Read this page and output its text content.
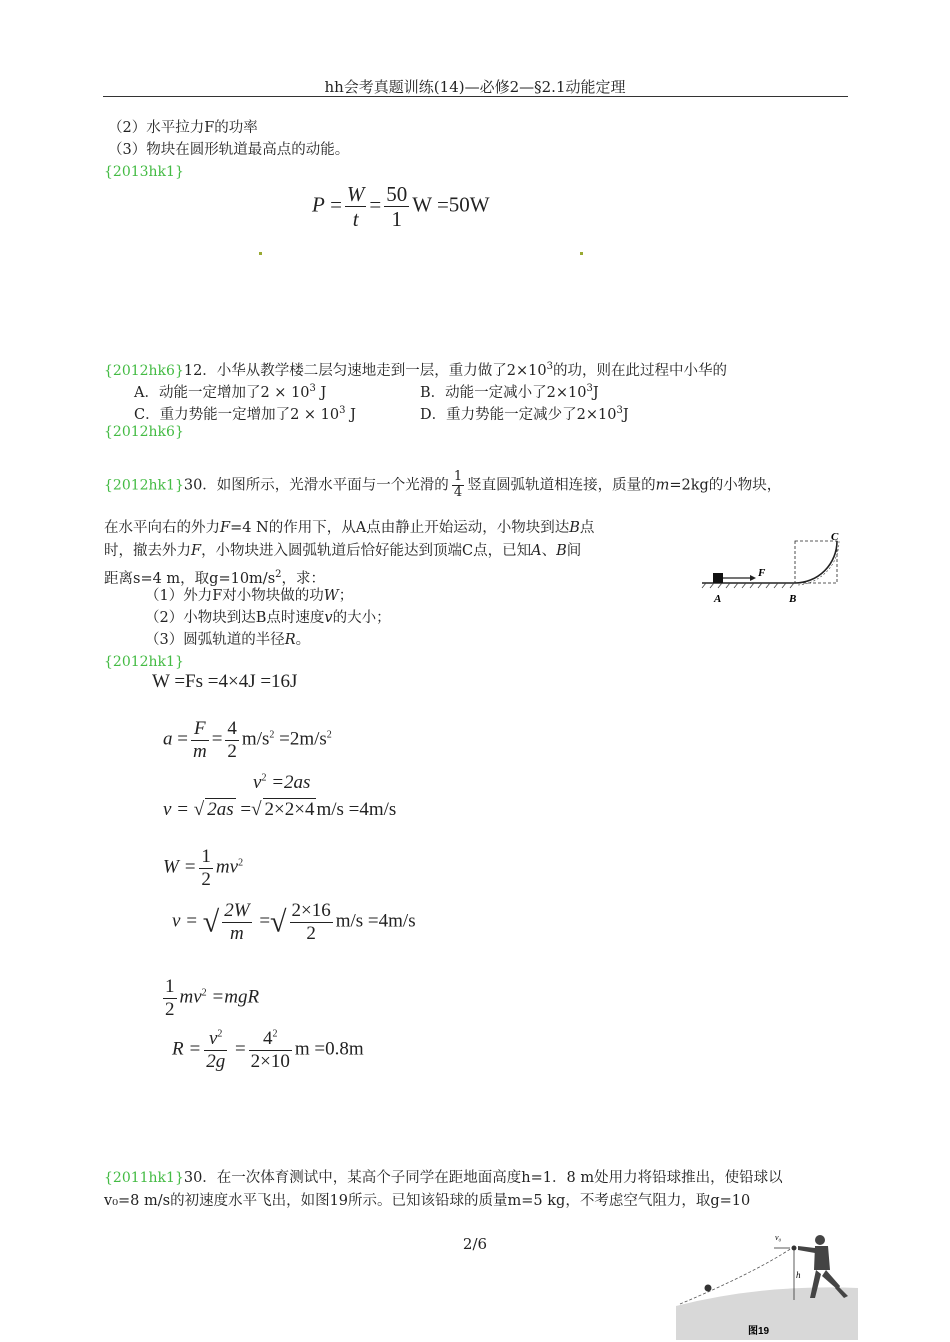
hh会考真题训练(14)—必修2—§2.1动能定理
（2）水平拉力F的功率
（3）物块在圆形轨道最高点的动能。
{2013hk1}
$P = \frac{W}{t} = \frac{50}{1}$ W =50W
{2012hk6}12．小华从教学楼二层匀速地走到一层，重力做了$2\times 10^3$的功，则在此过程中小华的
A．动能一定增加了$2 \times 10^3$ J	B．动能一定减小了$2\times 10^3J$
C．重力势能一定增加了$2 \times 10^3$ J	D．重力势能一定减少了$2\times 10^3J$
{2012hk6}
{2012hk1}30．如图所示，光滑水平面与一个光滑的 $\frac{1}{4}$ 竖直圆弧轨道相连接，质量的m=2kg的小物块，
在水平向右的外力F=4 N的作用下，从A点由静止开始运动，小物块到达B点
时，撤去外力F，小物块进入圆弧轨道后恰好能达到顶端C点，已知A、B间
距离s=4 m，取$g=10m/s^2$，求：
（1）外力F对小物块做的功W；
（2）小物块到达B点时速度v的大小；
（3）圆弧轨道的半径R。
{2012hk1}
F
A	B
C
W =Fs =4×4J =16J
$a = \frac{F}{m} = \frac{4}{2} m/s^2 =2m/s^2$
$v^2 =2as$
v = √ 2as =√ 2×2×4 m/s =4m/s
$W = \frac{1}{2} mv^2$
v = √ $\frac{2W}{m}$ =√ $\frac{2\times 16}{2} m/s =4m/s$
$\frac{1}{2} mv^2 =mgR$
$R = \frac{v^2}{2g} = \frac{4^2}{2\times 10}$ m =0.8m
{2011hk1}30．在一次体育测试中，某高个子同学在距地面高度h=1．8 m处用力将铅球推出，使铅球以
v₀=8 m/s的初速度水平飞出，如图19所示。已知该铅球的质量m=5 kg，不考虑空气阻力，取g=10
2/6	v₀
h
图19
